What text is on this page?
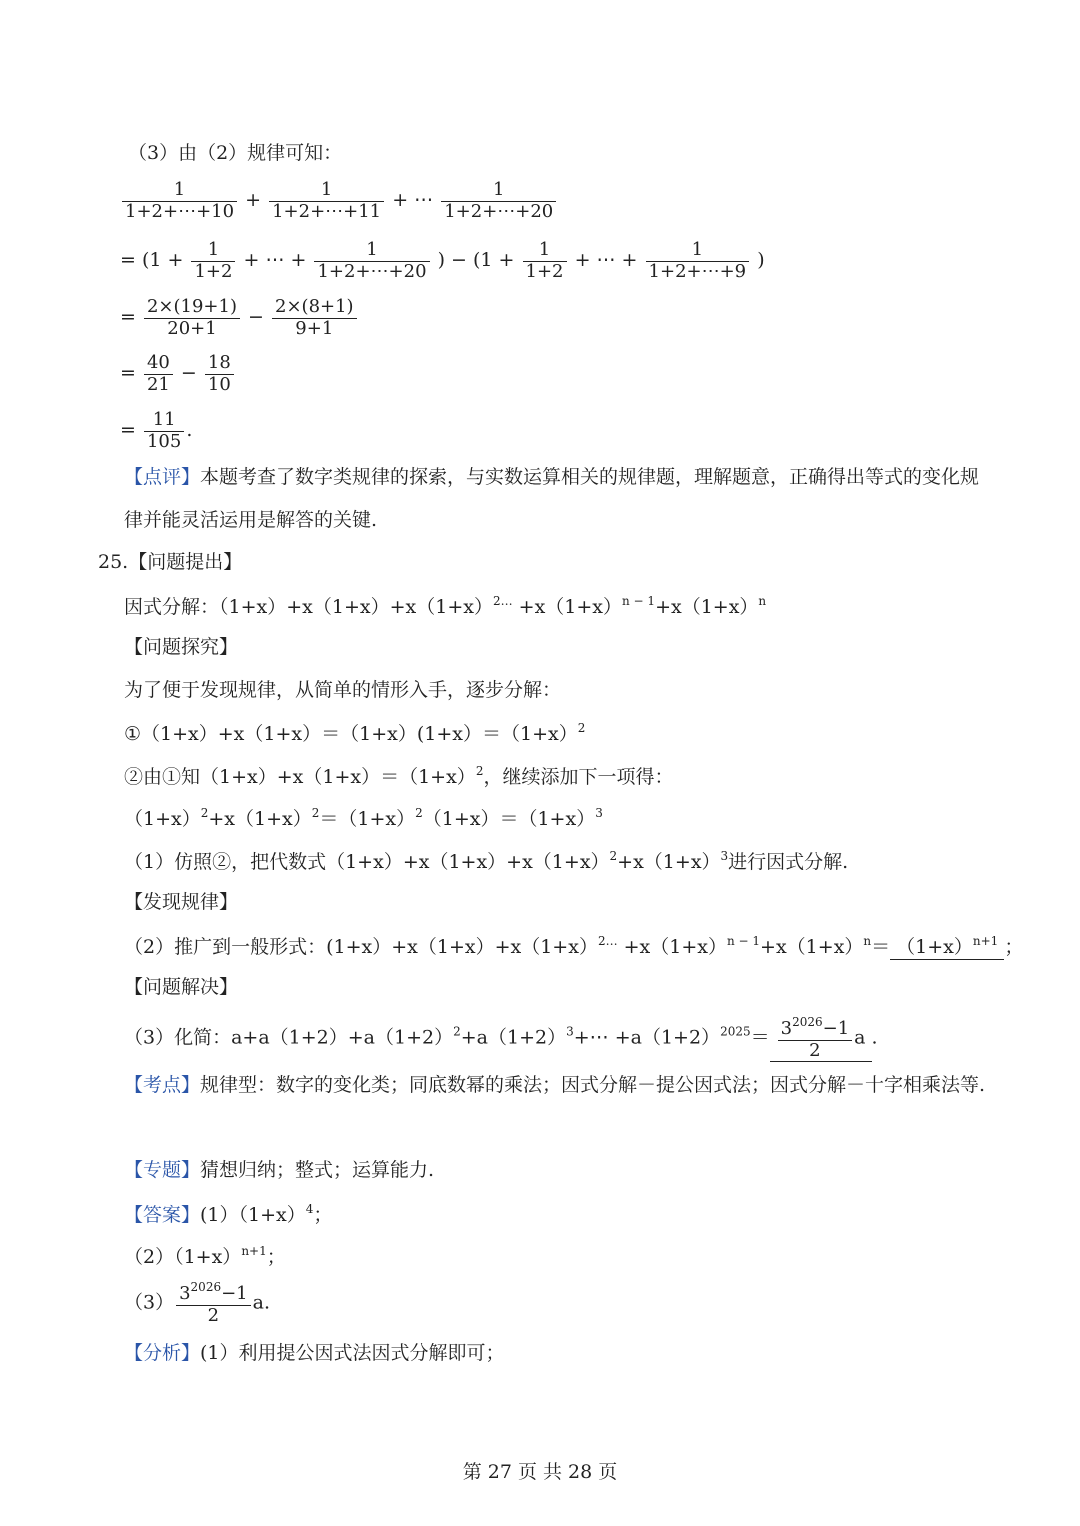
（3）由（2）规律可知：
$\frac{1}{1+2+\cdots+10} + \frac{1}{1+2+\cdots+11}$ + ⋯ $\frac{1}{1+2+\cdots+20}$
= ($1 + \frac{1}{1+2}$ + ⋯ + $\frac{1}{1+2+\cdots+20}$ ) − ($1 + \frac{1}{1+2}$ + ⋯ + $\frac{1}{1+2+\cdots+9}$ )
= $\frac{2\times(19+1)}{20+1} - \frac{2\times(8+1)}{9+1}$
= $\frac{40}{21} - \frac{18}{10}$
= $\frac{11}{105}$ .
【点评】本题考查了数字类规律的探索，与实数运算相关的规律题，理解题意，正确得出等式的变化规
律并能灵活运用是解答的关键.
25.【问题提出】
因式分解：$(1+x)+x(1+x)+x(1+x)^{2\dots} +x(1+x)^{n - 1}+x(1+x)^n$
【问题探究】
为了便于发现规律，从简单的情形入手，逐步分解：
$①(1+x)+x(1+x)=(1+x)(1+x)=(1+x)^2$
②由①知$(1+x)+x(1+x)=(1+x)^2$，继续添加下一项得：
$(1+x)^2+x(1+x)^2=(1+x)^2(1+x)=(1+x)^3$
（1）仿照②，把代数式$(1+x)+x(1+x)+x(1+x)^2+x(1+x)^3$进行因式分解.
【发现规律】
（2）推广到一般形式：$(1+x)+x(1+x)+x(1+x)^{2\dots} +x(1+x)^{n - 1}+x(1+x)^n= (1+x)^{n+1}$ ；
【问题解决】
（3）化简：$a+a(1+2)+a(1+2)^2+a(1+2)^3+\cdots +a(1+2)^{2025}= \frac{3^{2026}-1}{2}$ a .
【考点】规律型：数字的变化类；同底数幂的乘法；因式分解－提公因式法；因式分解－十字相乘法等.
【专题】猜想归纳；整式；运算能力.
【答案】$(1)(1+x)^4$；
$(2)(1+x)^{n+1}$；
$(3) \frac{3^{2026}-1}{2} a$.
【分析】(1）利用提公因式法因式分解即可；
第 27 页 共 28 页
